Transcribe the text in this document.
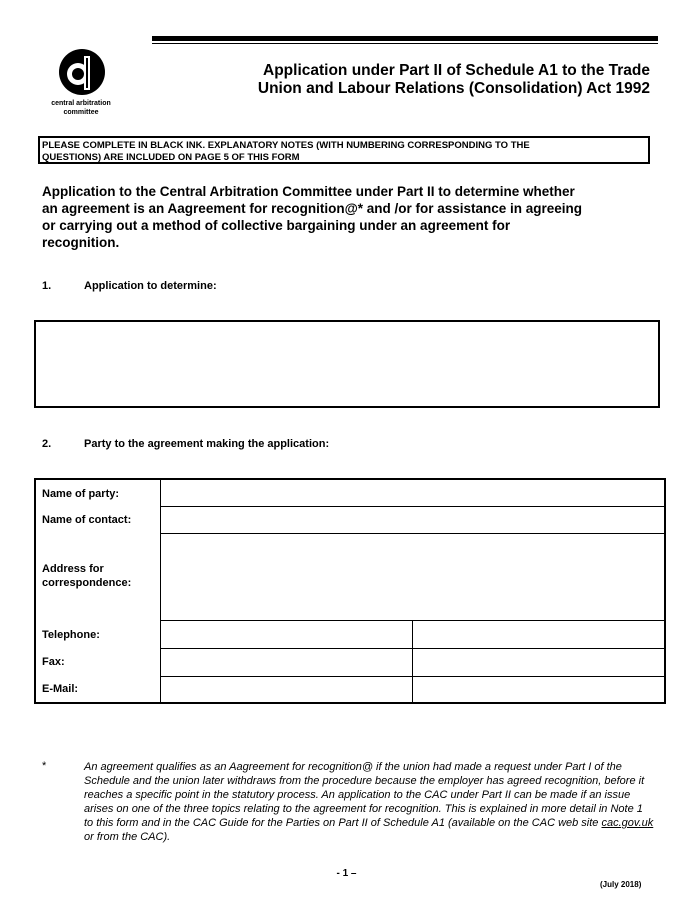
central arbitration
committee
Application under Part II of Schedule A1 to the Trade
Union and Labour Relations (Consolidation) Act 1992
PLEASE COMPLETE IN BLACK INK. EXPLANATORY NOTES (WITH NUMBERING CORRESPONDING TO THE
QUESTIONS) ARE INCLUDED ON PAGE 5 OF THIS FORM
Application to the Central Arbitration Committee under Part II to determine whether
an agreement is an Aagreement for recognition@* and /or for assistance in agreeing
or carrying out a method of collective bargaining under an agreement for
recognition.
1.	Application to determine:
2.	Party to the agreement making the application:
Name of party:
Name of contact:
Address for
correspondence:
Telephone:
Fax:
E-Mail:
*	An agreement qualifies as an Aagreement for recognition@ if the union had made a request under Part I of the Schedule and the union later withdraws from the procedure because the employer has agreed recognition, before it reaches a specific point in the statutory process. An application to the CAC under Part II can be made if an issue arises on one of the three topics relating to the agreement for recognition. This is explained in more detail in Note 1 to this form and in the CAC Guide for the Parties on Part II of Schedule A1 (available on the CAC web site cac.gov.uk or from the CAC).
- 1 –
(July 2018)
